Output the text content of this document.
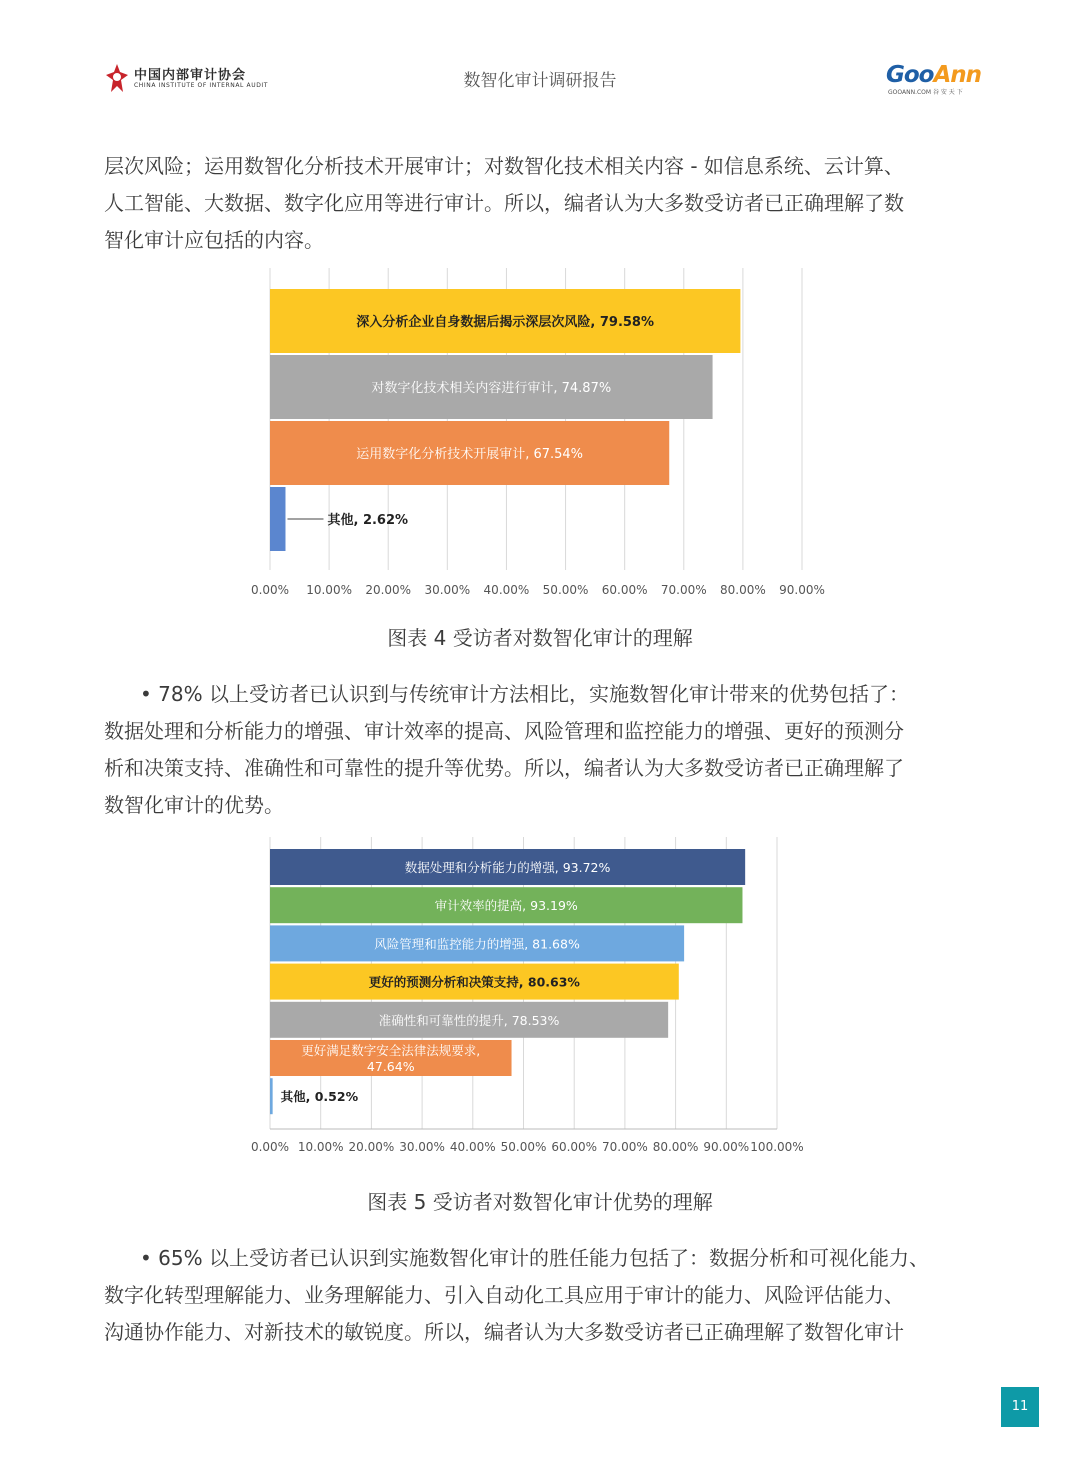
中国内部审计协会
CHINA INSTITUTE OF INTERNAL AUDIT	数智化审计调研报告	GooAnn
GOOANN.COM 谷 安 天 下
层次风险；运用数智化分析技术开展审计；对数智化技术相关内容 - 如信息系统、云计算、
人工智能、大数据、数字化应用等进行审计。所以，编者认为大多数受访者已正确理解了数
智化审计应包括的内容。
0.00% 10.00% 20.00% 30.00% 40.00% 50.00% 60.00% 70.00% 80.00% 90.00%
深入分析企业自身数据后揭示深层次风险, 79.58%
对数字化技术相关内容进行审计, 74.87%
运用数字化分析技术开展审计, 67.54%
其他, 2.62%
图表 4 受访者对数智化审计的理解
• 78% 以上受访者已认识到与传统审计方法相比，实施数智化审计带来的优势包括了：
数据处理和分析能力的增强、审计效率的提高、风险管理和监控能力的增强、更好的预测分
析和决策支持、准确性和可靠性的提升等优势。所以，编者认为大多数受访者已正确理解了
数智化审计的优势。
0.00% 10.00% 20.00% 30.00% 40.00% 50.00% 60.00% 70.00% 80.00% 90.00% 100.00%
数据处理和分析能力的增强, 93.72%
审计效率的提高, 93.19%
风险管理和监控能力的增强, 81.68%
更好的预测分析和决策支持, 80.63%
准确性和可靠性的提升, 78.53%
更好满足数字安全法律法规要求,
47.64%
其他, 0.52%
图表 5 受访者对数智化审计优势的理解
• 65% 以上受访者已认识到实施数智化审计的胜任能力包括了：数据分析和可视化能力、
数字化转型理解能力、业务理解能力、引入自动化工具应用于审计的能力、风险评估能力、
沟通协作能力、对新技术的敏锐度。所以，编者认为大多数受访者已正确理解了数智化审计
11
